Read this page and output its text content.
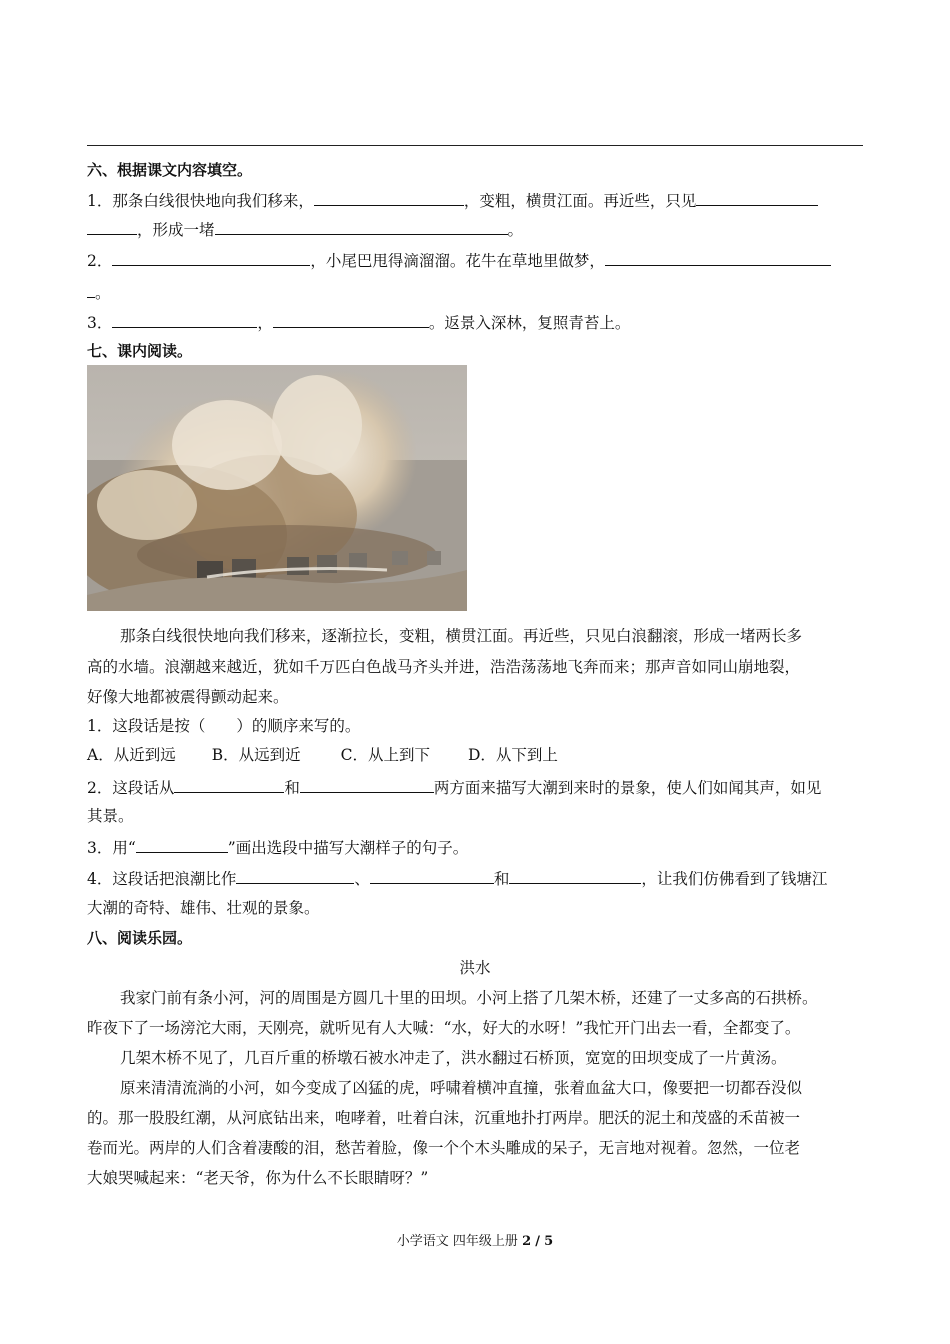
六、根据课文内容填空。
1．那条白线很快地向我们移来，	，变粗，横贯江面。再近些，只见
，形成一堵	。
2．	，小尾巴甩得滴溜溜。花牛在草地里做梦，
。
3．	，	。返景入深林，复照青苔上。
七、课内阅读。
那条白线很快地向我们移来，逐渐拉长，变粗，横贯江面。再近些，只见白浪翻滚，形成一堵两长多
高的水墙。浪潮越来越近，犹如千万匹白色战马齐头并进，浩浩荡荡地飞奔而来；那声音如同山崩地裂，
好像大地都被震得颤动起来。
1．这段话是按（　　）的顺序来写的。
A．从近到远 B．从远到近	C．从上到下 D．从下到上
2．这段话从	和	两方面来描写大潮到来时的景象，使人们如闻其声，如见
其景。
3．用“	”画出选段中描写大潮样子的句子。
4．这段话把浪潮比作	、	和	，让我们仿佛看到了钱塘江
大潮的奇特、雄伟、壮观的景象。
八、阅读乐园。
洪水
我家门前有条小河，河的周围是方圆几十里的田坝。小河上搭了几架木桥，还建了一丈多高的石拱桥。
昨夜下了一场滂沱大雨，天刚亮，就听见有人大喊：“水，好大的水呀！”我忙开门出去一看，全都变了。
几架木桥不见了，几百斤重的桥墩石被水冲走了，洪水翻过石桥顶，宽宽的田坝变成了一片黄汤。
原来清清流淌的小河，如今变成了凶猛的虎，呼啸着横冲直撞，张着血盆大口，像要把一切都吞没似
的。那一股股红潮，从河底钻出来，咆哮着，吐着白沫，沉重地扑打两岸。肥沃的泥土和茂盛的禾苗被一
卷而光。两岸的人们含着凄酸的泪，愁苦着脸，像一个个木头雕成的呆子，无言地对视着。忽然，一位老
大娘哭喊起来：“老天爷，你为什么不长眼睛呀？”
小学语文 四年级上册 2 / 5
